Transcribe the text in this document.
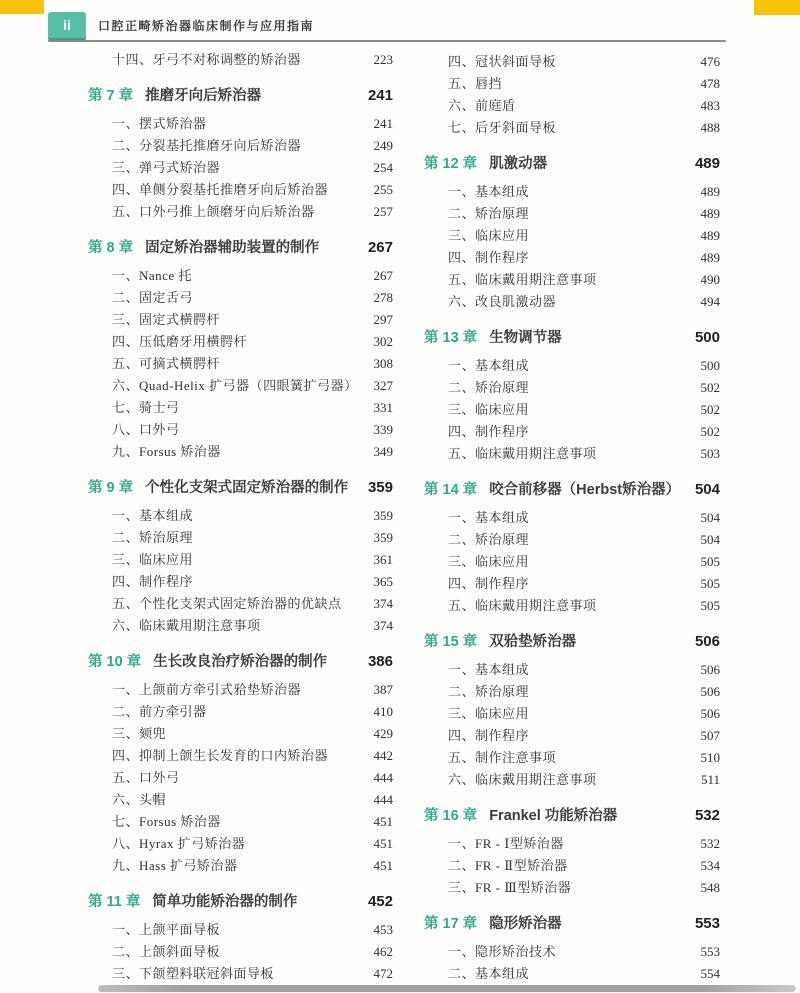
ii 口腔正畸矫治器临床制作与应用指南
十四、牙弓不对称调整的矫治器	223
第 7 章 推磨牙向后矫治器	241
一、摆式矫治器	241
二、分裂基托推磨牙向后矫治器	249
三、弹弓式矫治器	254
四、单侧分裂基托推磨牙向后矫治器	255
五、口外弓推上颌磨牙向后矫治器	257
第 8 章 固定矫治器辅助装置的制作	267
一、Nance 托	267
二、固定舌弓	278
三、固定式横腭杆	297
四、压低磨牙用横腭杆	302
五、可摘式横腭杆	308
六、Quad-Helix 扩弓器（四眼簧扩弓器）	327
七、骑士弓	331
八、口外弓	339
九、Forsus 矫治器	349
第 9 章 个性化支架式固定矫治器的制作	359
一、基本组成	359
二、矫治原理	359
三、临床应用	361
四、制作程序	365
五、个性化支架式固定矫治器的优缺点	374
六、临床戴用期注意事项	374
第 10 章 生长改良治疗矫治器的制作	386
一、上颌前方牵引式𬌗垫矫治器	387
二、前方牵引器	410
三、颏兜	429
四、抑制上颌生长发育的口内矫治器	442
五、口外弓	444
六、头帽	444
七、Forsus 矫治器	451
八、Hyrax 扩弓矫治器	451
九、Hass 扩弓矫治器	451
第 11 章 简单功能矫治器的制作	452
一、上颌平面导板	453
二、上颌斜面导板	462
三、下颌塑料联冠斜面导板	472
四、冠状斜面导板	476
五、唇挡	478
六、前庭盾	483
七、后牙斜面导板	488
第 12 章 肌激动器	489
一、基本组成	489
二、矫治原理	489
三、临床应用	489
四、制作程序	489
五、临床戴用期注意事项	490
六、改良肌激动器	494
第 13 章 生物调节器	500
一、基本组成	500
二、矫治原理	502
三、临床应用	502
四、制作程序	502
五、临床戴用期注意事项	503
第 14 章 咬合前移器（Herbst矫治器） 504
一、基本组成	504
二、矫治原理	504
三、临床应用	505
四、制作程序	505
五、临床戴用期注意事项	505
第 15 章 双𬌗垫矫治器	506
一、基本组成	506
二、矫治原理	506
三、临床应用	506
四、制作程序	507
五、制作注意事项	510
六、临床戴用期注意事项	511
第 16 章 Frankel 功能矫治器	532
一、FR - Ⅰ型矫治器	532
二、FR - Ⅱ型矫治器	534
三、FR - Ⅲ型矫治器	548
第 17 章 隐形矫治器	553
一、隐形矫治技术	553
二、基本组成	554
